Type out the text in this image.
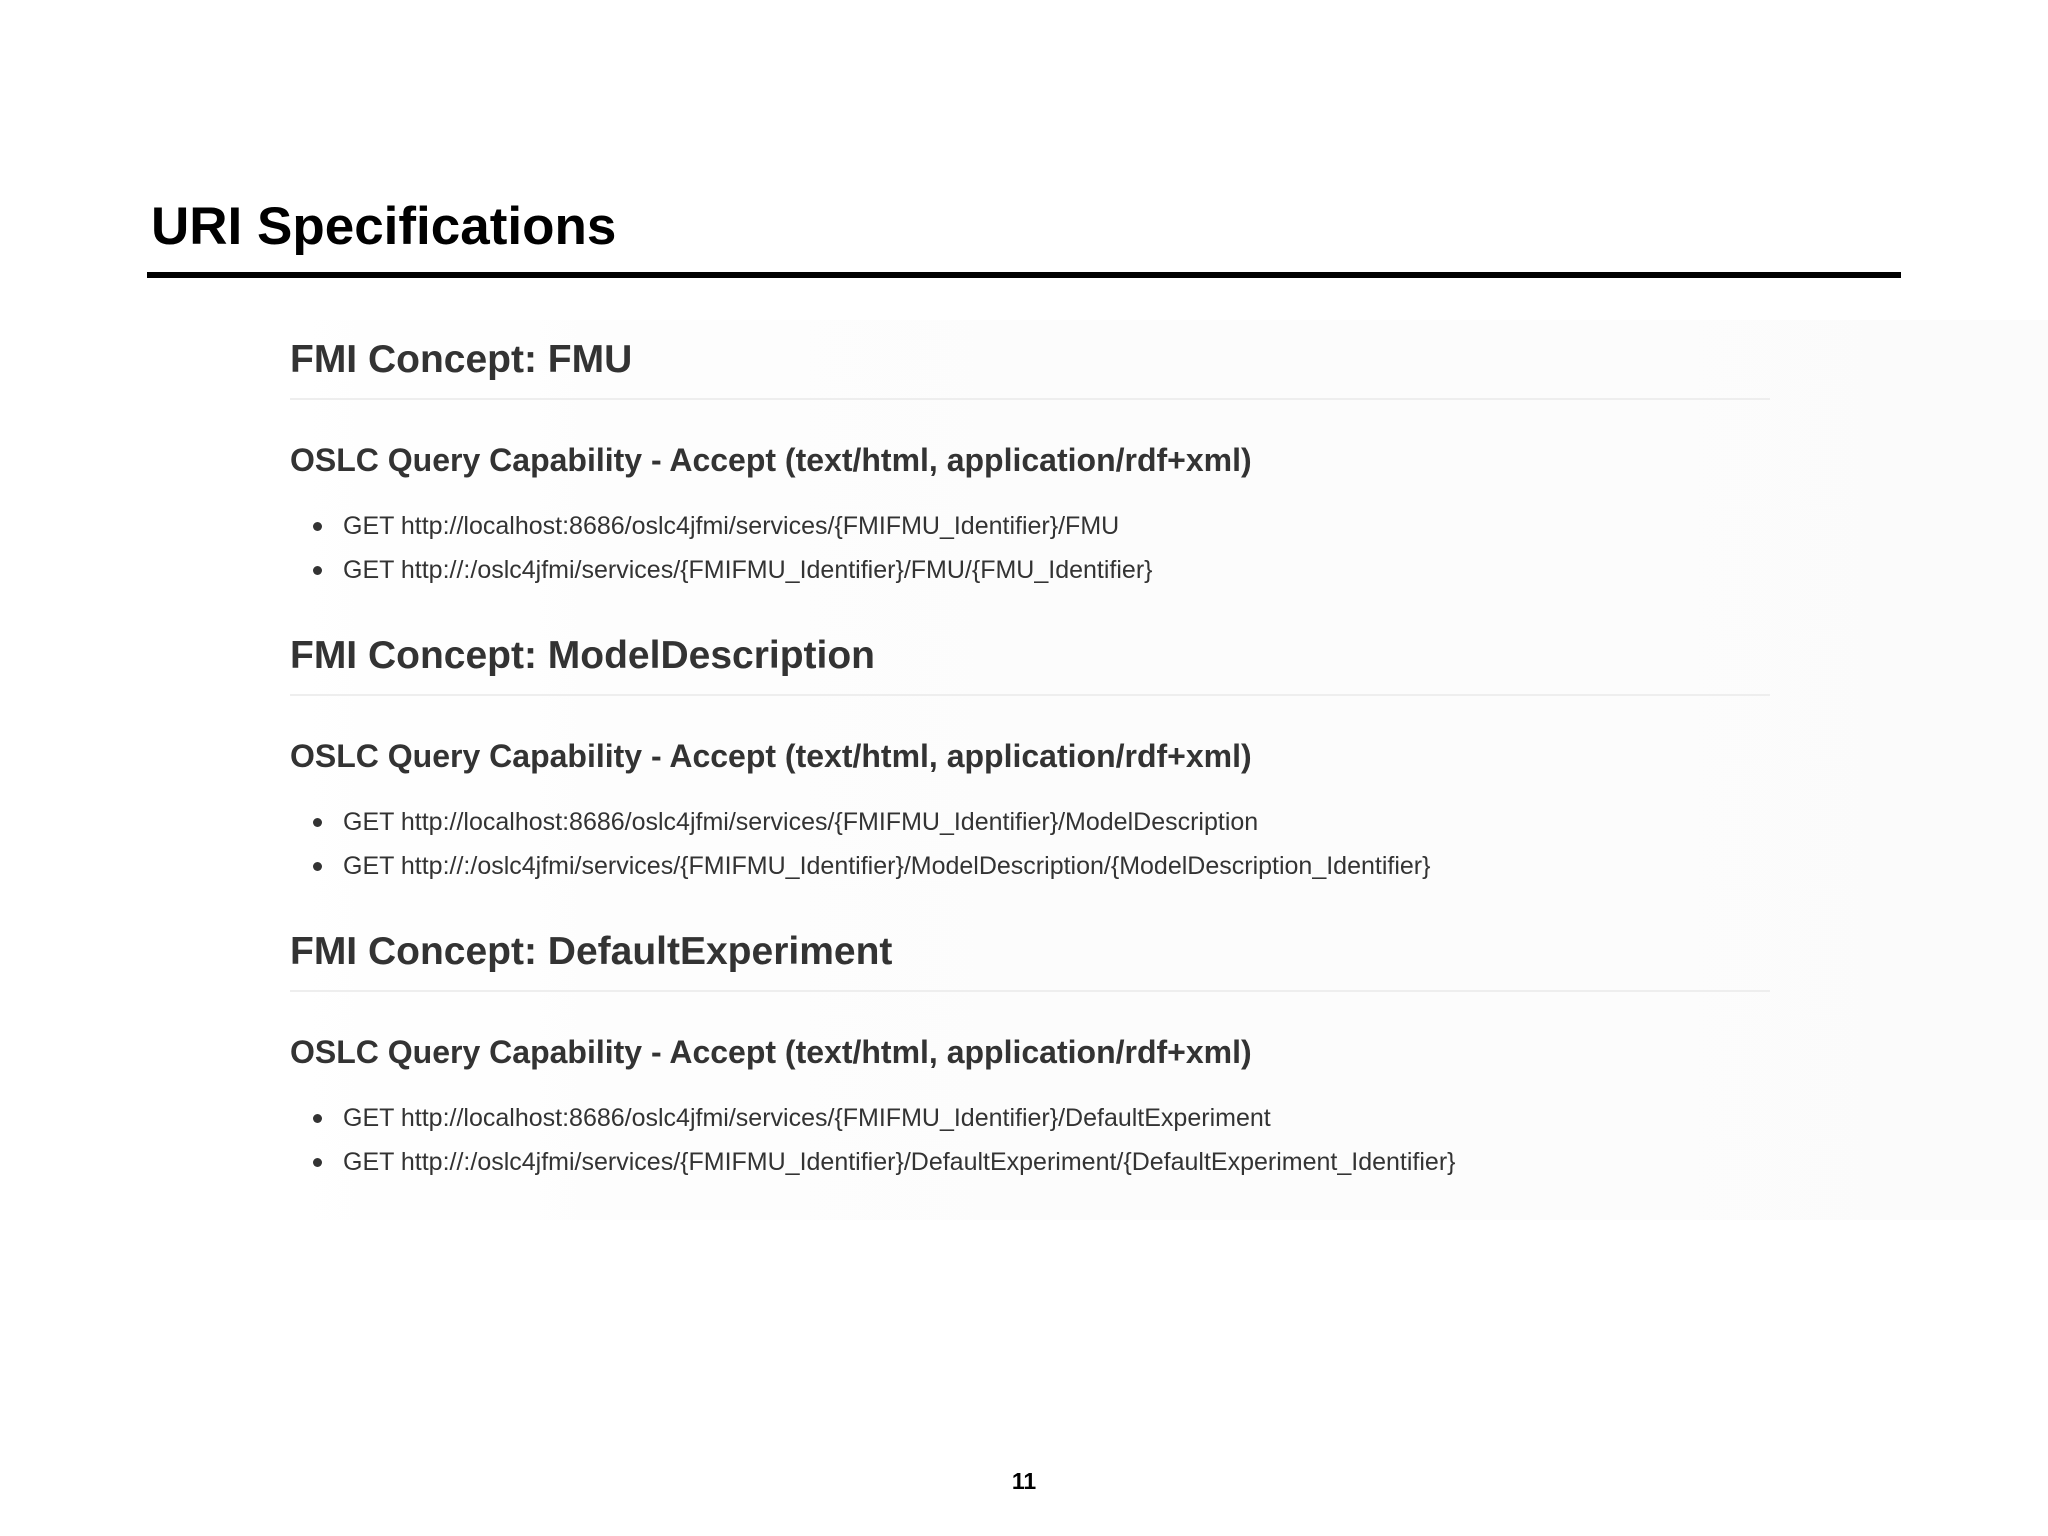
URI Specifications
FMI Concept: FMU
OSLC Query Capability - Accept (text/html, application/rdf+xml)
GET http://localhost:8686/oslc4jfmi/services/{FMIFMU_Identifier}/FMU
GET http://:/oslc4jfmi/services/{FMIFMU_Identifier}/FMU/{FMU_Identifier}
FMI Concept: ModelDescription
OSLC Query Capability - Accept (text/html, application/rdf+xml)
GET http://localhost:8686/oslc4jfmi/services/{FMIFMU_Identifier}/ModelDescription
GET http://:/oslc4jfmi/services/{FMIFMU_Identifier}/ModelDescription/{ModelDescription_Identifier}
FMI Concept: DefaultExperiment
OSLC Query Capability - Accept (text/html, application/rdf+xml)
GET http://localhost:8686/oslc4jfmi/services/{FMIFMU_Identifier}/DefaultExperiment
GET http://:/oslc4jfmi/services/{FMIFMU_Identifier}/DefaultExperiment/{DefaultExperiment_Identifier}
11
